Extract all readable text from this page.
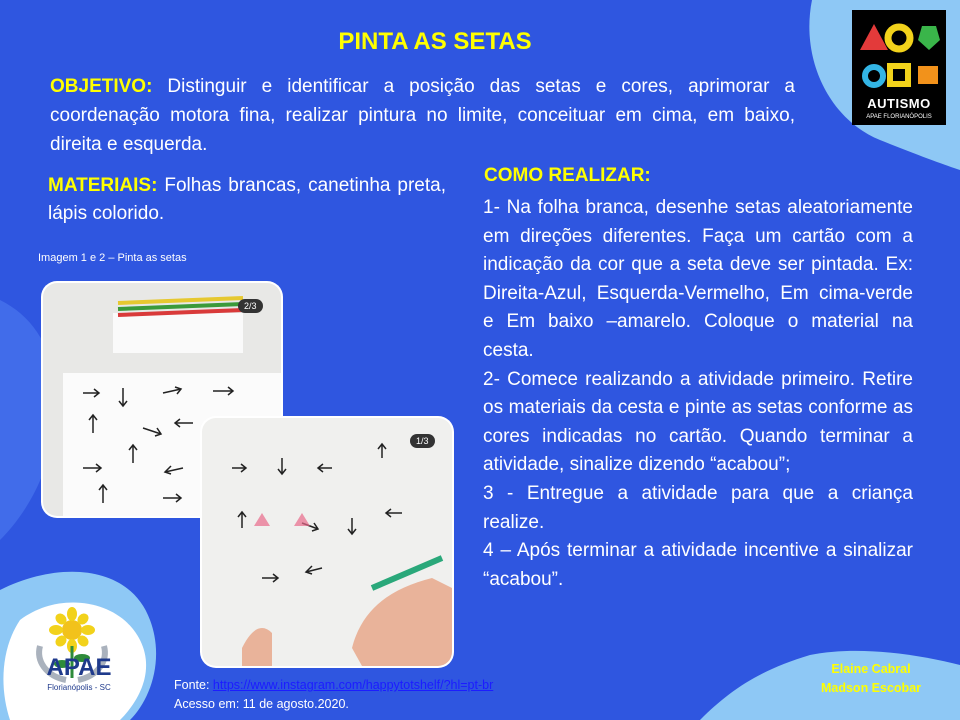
PINTA AS SETAS
AUTISMO
APAE FLORIANÓPOLIS
OBJETIVO: Distinguir e identificar a posição das setas e cores, aprimorar a coordenação motora fina, realizar pintura no limite, conceituar em cima, em baixo, direita e esquerda.
MATERIAIS: Folhas brancas, canetinha preta, lápis colorido.
Imagem 1 e 2 – Pinta as setas
COMO REALIZAR:

1- Na folha branca, desenhe setas aleatoriamente em direções diferentes. Faça um cartão com a indicação da cor que a seta deve ser pintada. Ex: Direita-Azul, Esquerda-Vermelho, Em cima-verde e Em baixo –amarelo. Coloque o material na cesta.

2- Comece realizando a atividade primeiro. Retire os materiais da cesta e pinte as setas conforme as cores indicadas no cartão. Quando terminar a atividade, sinalize dizendo “acabou”;

3 - Entregue a atividade para que a criança realize.

4 – Após terminar a atividade incentive a sinalizar “acabou”.

2/3
1/3
APAE
Florianópolis - SC	Fonte: https://www.instagram.com/happytotshelf/?hl=pt-br
Acesso em: 11 de agosto.2020.
Elaine Cabral
Madson Escobar
